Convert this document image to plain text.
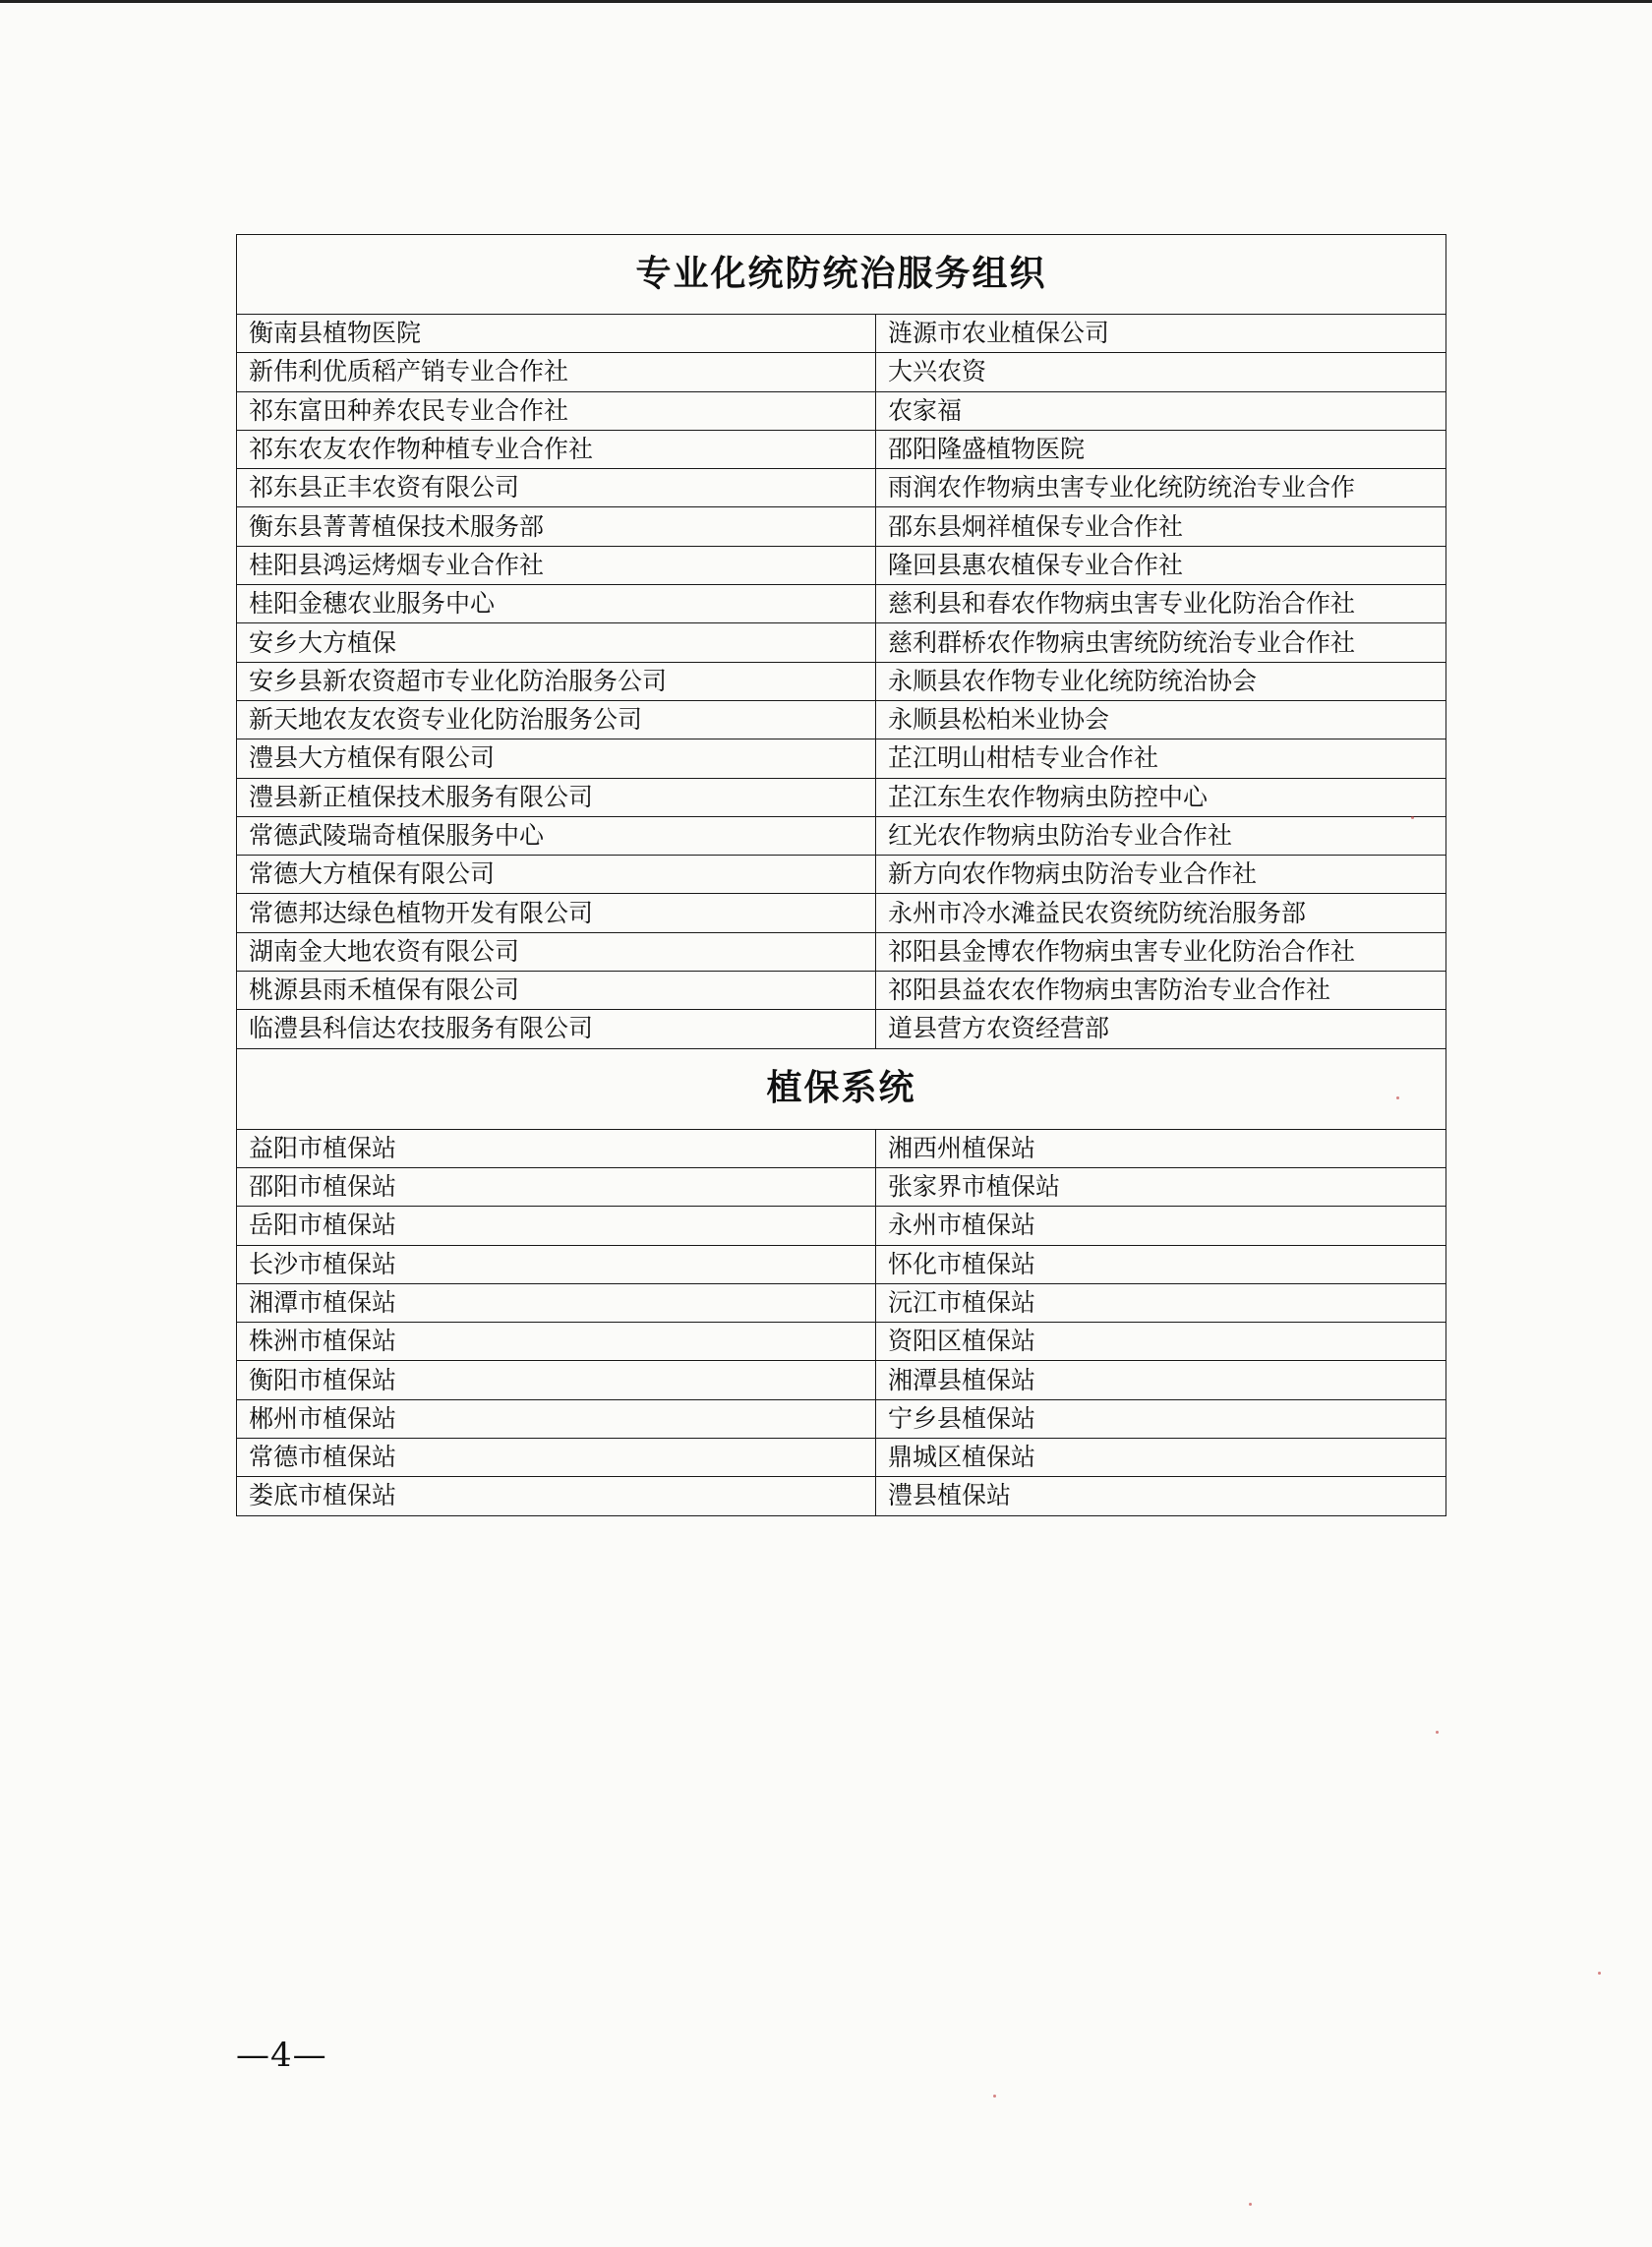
专业化统防统治服务组织	
衡南县植物医院	涟源市农业植保公司
新伟利优质稻产销专业合作社	大兴农资
祁东富田种养农民专业合作社	农家福
祁东农友农作物种植专业合作社	邵阳隆盛植物医院
祁东县正丰农资有限公司	雨润农作物病虫害专业化统防统治专业合作
衡东县菁菁植保技术服务部	邵东县炯祥植保专业合作社
桂阳县鸿运烤烟专业合作社	隆回县惠农植保专业合作社
桂阳金穗农业服务中心	慈利县和春农作物病虫害专业化防治合作社
安乡大方植保	慈利群桥农作物病虫害统防统治专业合作社
安乡县新农资超市专业化防治服务公司	永顺县农作物专业化统防统治协会
新天地农友农资专业化防治服务公司	永顺县松柏米业协会
澧县大方植保有限公司	芷江明山柑桔专业合作社
澧县新正植保技术服务有限公司	芷江东生农作物病虫防控中心
常德武陵瑞奇植保服务中心	红光农作物病虫防治专业合作社
常德大方植保有限公司	新方向农作物病虫防治专业合作社
常德邦达绿色植物开发有限公司	永州市冷水滩益民农资统防统治服务部
湖南金大地农资有限公司	祁阳县金博农作物病虫害专业化防治合作社
桃源县雨禾植保有限公司	祁阳县益农农作物病虫害防治专业合作社
临澧县科信达农技服务有限公司	道县营方农资经营部
植保系统	
益阳市植保站	湘西州植保站
邵阳市植保站	张家界市植保站
岳阳市植保站	永州市植保站
长沙市植保站	怀化市植保站
湘潭市植保站	沅江市植保站
株洲市植保站	资阳区植保站
衡阳市植保站	湘潭县植保站
郴州市植保站	宁乡县植保站
常德市植保站	鼎城区植保站
娄底市植保站	澧县植保站
—4—
